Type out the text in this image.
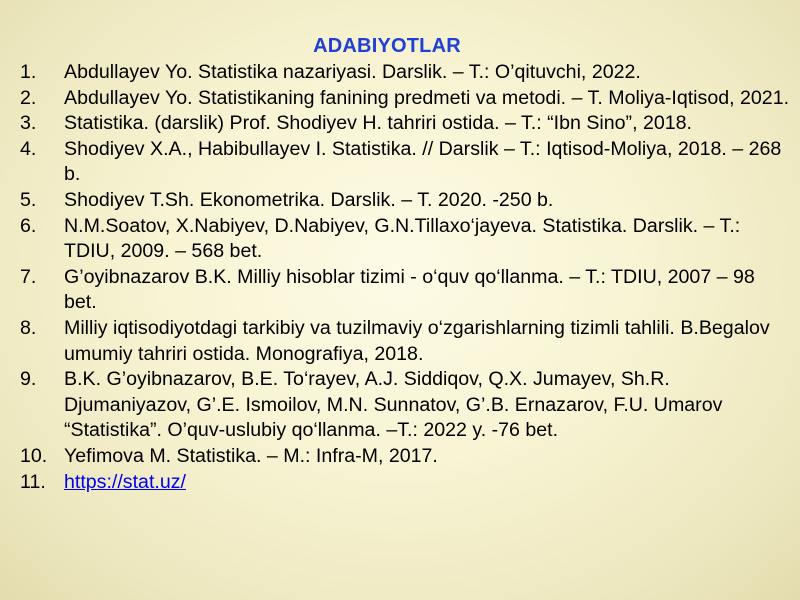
ADABIYOTLAR
1.	Abdullayev Yo. Statistika nazariyasi. Darslik. – T.: O’qituvchi, 2022.
2.	Abdullayev Yo. Statistikaning fanining predmeti va metodi. – T. Moliya-Iqtisod, 2021.
3.	Statistika. (darslik) Prof. Shodiyev H. tahriri ostida. – T.: “Ibn Sino”, 2018.
4.	Shodiyev X.A., Habibullayev I. Statistika. // Darslik – T.: Iqtisod-Moliya, 2018. – 268 b.
5.	Shodiyev T.Sh. Ekonometrika. Darslik. – T. 2020. -250 b.
6.	N.M.Soatov, X.Nabiyev, D.Nabiyev, G.N.Tillaxo‘jayeva. Statistika. Darslik. – T.: TDIU, 2009. – 568 bet.
7.	G’oyibnazarov B.K. Milliy hisoblar tizimi - o‘quv qo‘llanma. – T.: TDIU, 2007 – 98 bet.
8.	Milliy iqtisodiyotdagi tarkibiy va tuzilmaviy o‘zgarishlarning tizimli tahlili. B.Begalov umumiy tahriri ostida. Monografiya, 2018.
9.	B.K. G’oyibnazarov, B.E. To‘rayev, A.J. Siddiqov, Q.X. Jumayev, Sh.R. Djumaniyazov, G’.E. Ismoilov, M.N. Sunnatov, G’.B. Ernazarov, F.U. Umarov “Statistika”. O’quv-uslubiy qo‘llanma. –T.: 2022 y. -76 bet.
10. Yefimova M. Statistika. – M.: Infra-M, 2017.
11. https://stat.uz/
